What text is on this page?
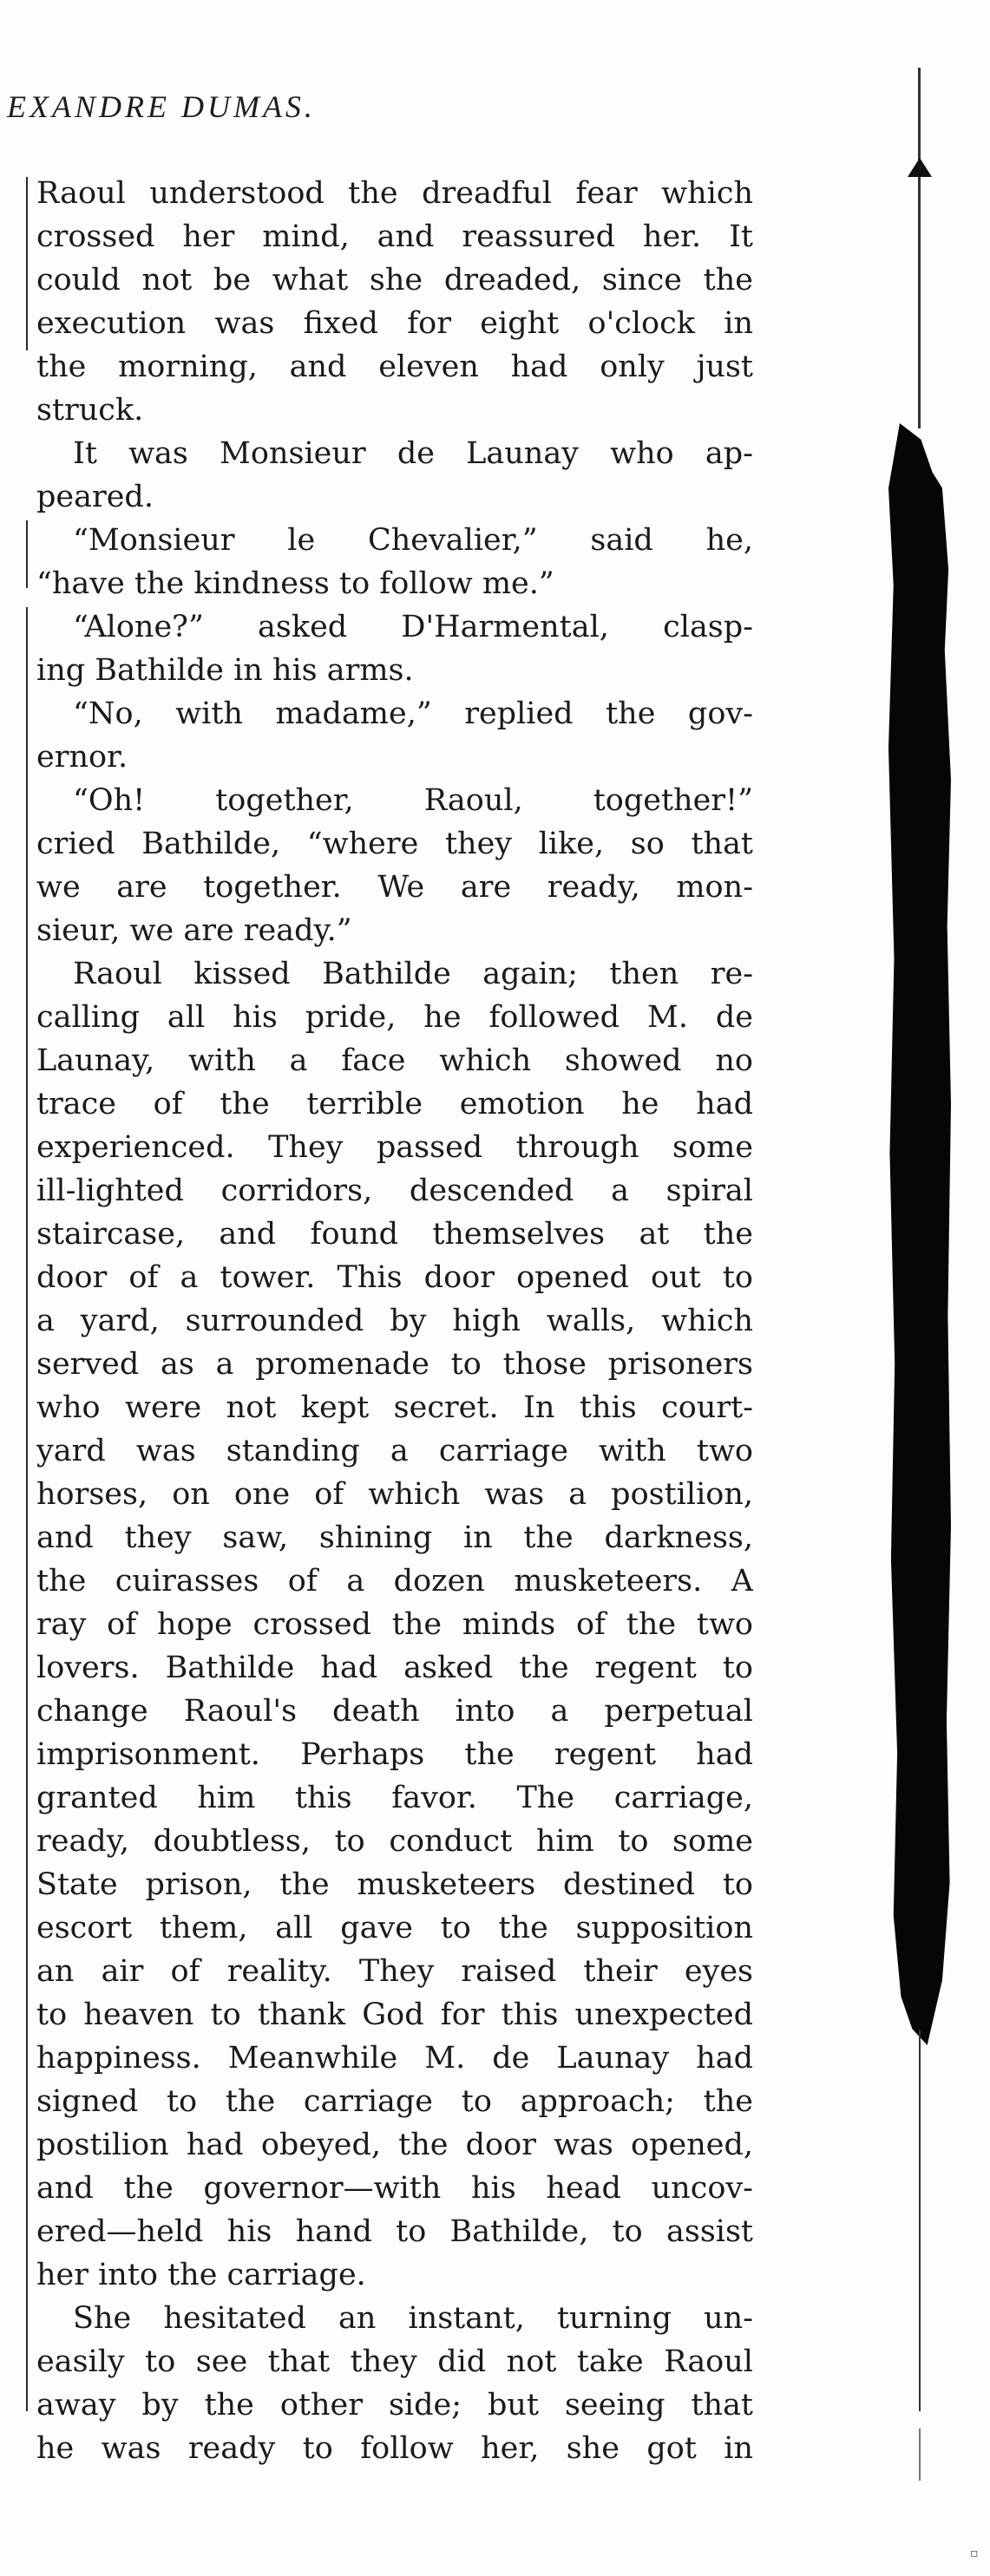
EXANDRE DUMAS.
Raoul understood the dreadful fear which
crossed her mind, and reassured her. It
could not be what she dreaded, since the
execution was fixed for eight o'clock in
the morning, and eleven had only just
struck.
It was Monsieur de Launay who ap-
peared.
“Monsieur le Chevalier,” said he,
“have the kindness to follow me.”
“Alone?” asked D'Harmental, clasp-
ing Bathilde in his arms.
“No, with madame,” replied the gov-
ernor.
“Oh! together, Raoul, together!”
cried Bathilde, “where they like, so that
we are together. We are ready, mon-
sieur, we are ready.”
Raoul kissed Bathilde again; then re-
calling all his pride, he followed M. de
Launay, with a face which showed no
trace of the terrible emotion he had
experienced. They passed through some
ill-lighted corridors, descended a spiral
staircase, and found themselves at the
door of a tower. This door opened out to
a yard, surrounded by high walls, which
served as a promenade to those prisoners
who were not kept secret. In this court-
yard was standing a carriage with two
horses, on one of which was a postilion,
and they saw, shining in the darkness,
the cuirasses of a dozen musketeers. A
ray of hope crossed the minds of the two
lovers. Bathilde had asked the regent to
change Raoul's death into a perpetual
imprisonment. Perhaps the regent had
granted him this favor. The carriage,
ready, doubtless, to conduct him to some
State prison, the musketeers destined to
escort them, all gave to the supposition
an air of reality. They raised their eyes
to heaven to thank God for this unexpected
happiness. Meanwhile M. de Launay had
signed to the carriage to approach; the
postilion had obeyed, the door was opened,
and the governor—with his head uncov-
ered—held his hand to Bathilde, to assist
her into the carriage.
She hesitated an instant, turning un-
easily to see that they did not take Raoul
away by the other side; but seeing that
he was ready to follow her, she got in
▫
